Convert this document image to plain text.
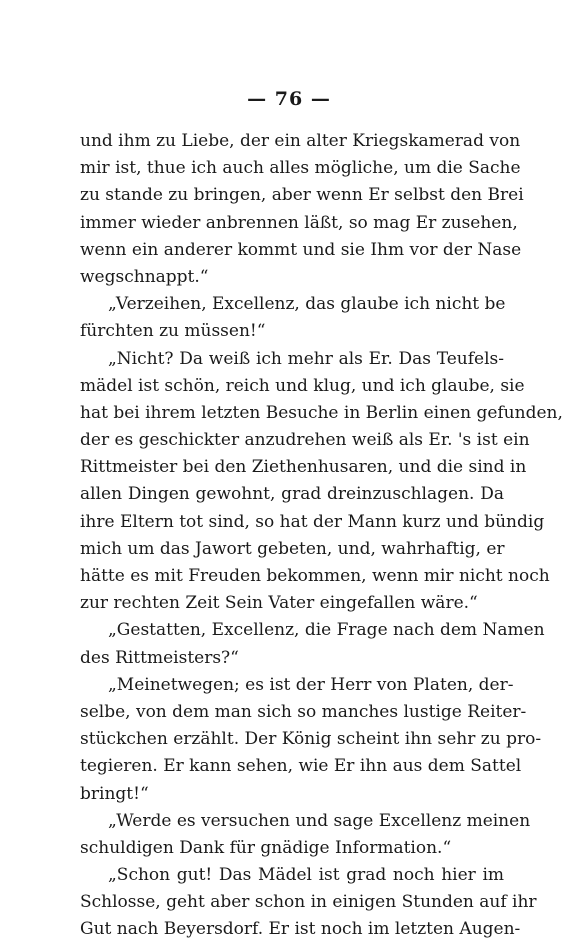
— 76 —
und ihm zu Liebe, der ein alter Kriegskamerad von
mir ist, thue ich auch alles mögliche, um die Sache
zu stande zu bringen, aber wenn Er selbst den Brei
immer wieder anbrennen läßt, so mag Er zusehen,
wenn ein anderer kommt und sie Ihm vor der Nase
wegschnappt.“
„Verzeihen, Excellenz, das glaube ich nicht be
fürchten zu müssen!“
„Nicht? Da weiß ich mehr als Er. Das Teufels-
mädel ist schön, reich und klug, und ich glaube, sie
hat bei ihrem letzten Besuche in Berlin einen gefunden,
der es geschickter anzudrehen weiß als Er. 's ist ein
Rittmeister bei den Ziethenhusaren, und die sind in
allen Dingen gewohnt, grad dreinzuschlagen. Da
ihre Eltern tot sind, so hat der Mann kurz und bündig
mich um das Jawort gebeten, und, wahrhaftig, er
hätte es mit Freuden bekommen, wenn mir nicht noch
zur rechten Zeit Sein Vater eingefallen wäre.“
„Gestatten, Excellenz, die Frage nach dem Namen
des Rittmeisters?“
„Meinetwegen; es ist der Herr von Platen, der-
selbe, von dem man sich so manches lustige Reiter-
stückchen erzählt. Der König scheint ihn sehr zu pro-
tegieren. Er kann sehen, wie Er ihn aus dem Sattel
bringt!“
„Werde es versuchen und sage Excellenz meinen
schuldigen Dank für gnädige Information.“
„Schon gut! Das Mädel ist grad noch hier im
Schlosse, geht aber schon in einigen Stunden auf ihr
Gut nach Beyersdorf. Er ist noch im letzten Augen-
